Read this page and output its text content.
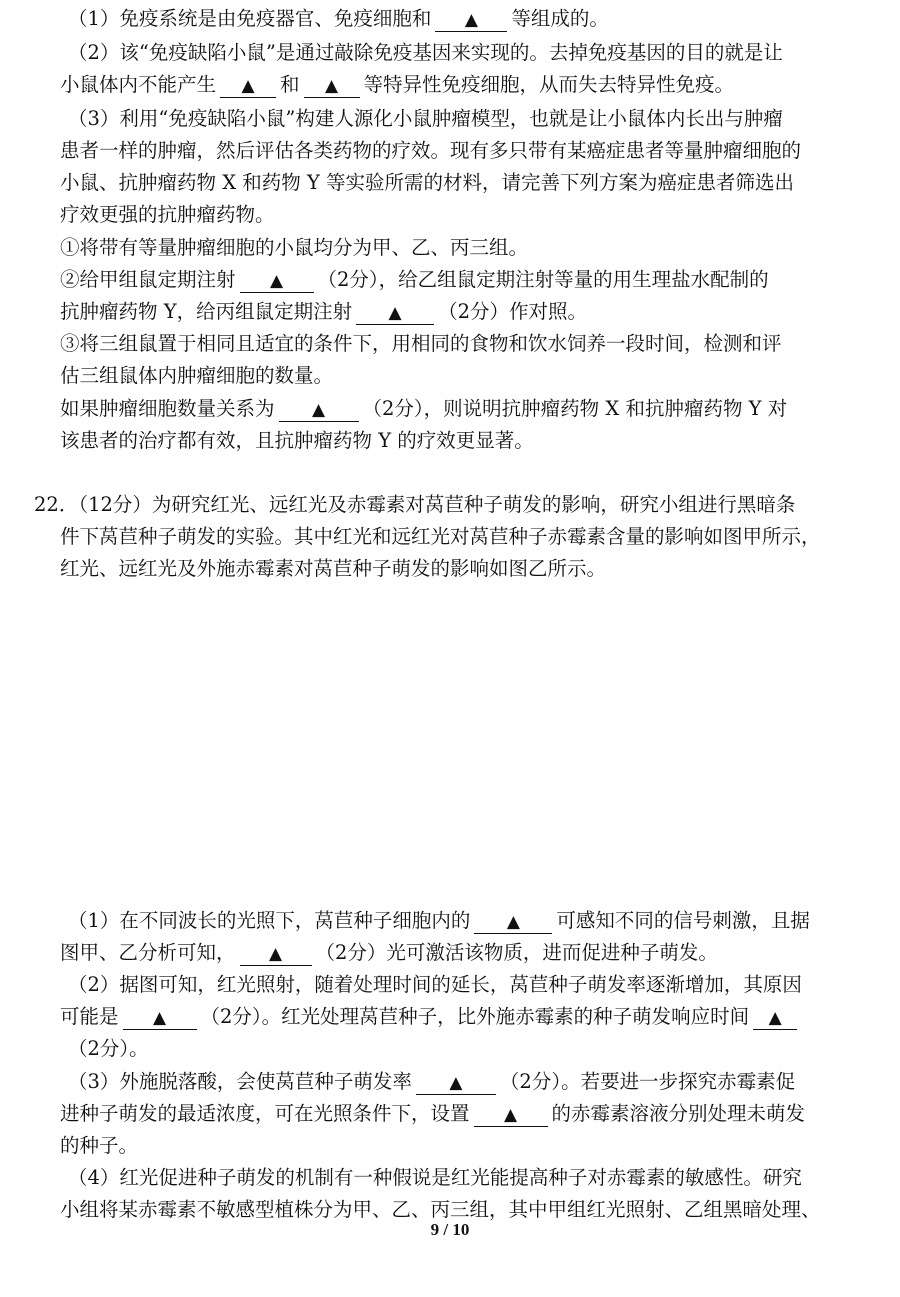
（1）免疫系统是由免疫器官、免疫细胞和 ▲ 等组成的。
（2）该“免疫缺陷小鼠”是通过敲除免疫基因来实现的。去掉免疫基因的目的就是让
小鼠体内不能产生 ▲ 和 ▲ 等特异性免疫细胞，从而失去特异性免疫。
（3）利用“免疫缺陷小鼠”构建人源化小鼠肿瘤模型，也就是让小鼠体内长出与肿瘤
患者一样的肿瘤，然后评估各类药物的疗效。现有多只带有某癌症患者等量肿瘤细胞的
小鼠、抗肿瘤药物 X 和药物 Y 等实验所需的材料，请完善下列方案为癌症患者筛选出
疗效更强的抗肿瘤药物。
①将带有等量肿瘤细胞的小鼠均分为甲、乙、丙三组。
②给甲组鼠定期注射 ▲ （2分），给乙组鼠定期注射等量的用生理盐水配制的
抗肿瘤药物 Y，给丙组鼠定期注射 ▲ （2分）作对照。
③将三组鼠置于相同且适宜的条件下，用相同的食物和饮水饲养一段时间，检测和评
估三组鼠体内肿瘤细胞的数量。
如果肿瘤细胞数量关系为 ▲ （2分），则说明抗肿瘤药物 X 和抗肿瘤药物 Y 对
该患者的治疗都有效，且抗肿瘤药物 Y 的疗效更显著。
22．（12分）为研究红光、远红光及赤霉素对莴苣种子萌发的影响，研究小组进行黑暗条
件下莴苣种子萌发的实验。其中红光和远红光对莴苣种子赤霉素含量的影响如图甲所示，
红光、远红光及外施赤霉素对莴苣种子萌发的影响如图乙所示。
（1）在不同波长的光照下，莴苣种子细胞内的 ▲ 可感知不同的信号刺激，且据
图甲、乙分析可知， ▲ （2分）光可激活该物质，进而促进种子萌发。
（2）据图可知，红光照射，随着处理时间的延长，莴苣种子萌发率逐渐增加，其原因
可能是 ▲ （2分）。红光处理莴苣种子，比外施赤霉素的种子萌发响应时间 ▲
（2分）。
（3）外施脱落酸，会使莴苣种子萌发率 ▲ （2分）。若要进一步探究赤霉素促
进种子萌发的最适浓度，可在光照条件下，设置 ▲ 的赤霉素溶液分别处理未萌发
的种子。
（4）红光促进种子萌发的机制有一种假说是红光能提高种子对赤霉素的敏感性。研究
小组将某赤霉素不敏感型植株分为甲、乙、丙三组，其中甲组红光照射、乙组黑暗处理、
9 / 10
